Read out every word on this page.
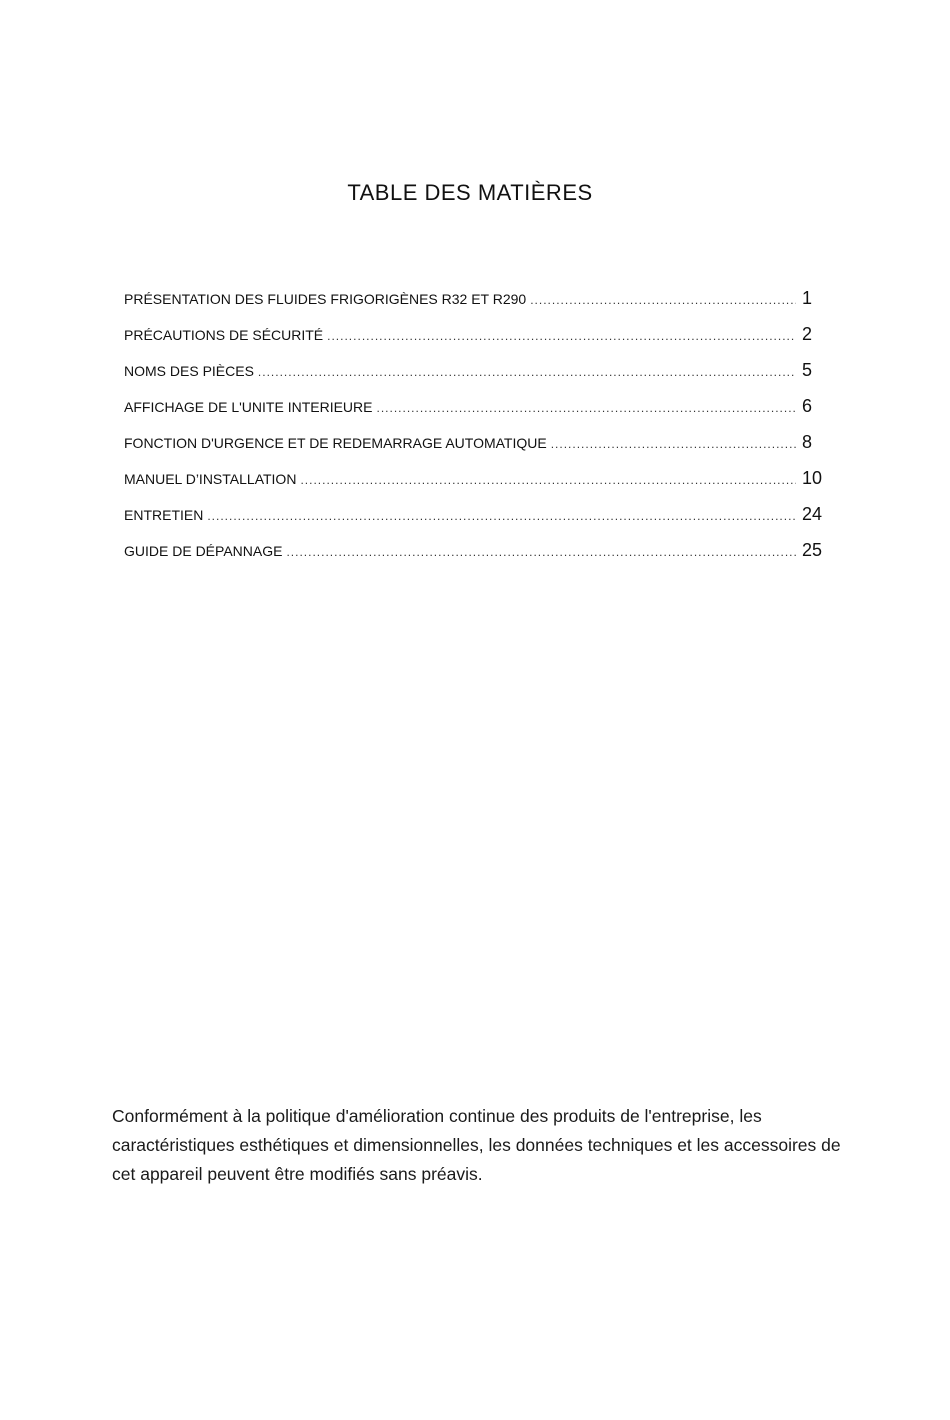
TABLE DES MATIÈRES
PRÉSENTATION DES FLUIDES FRIGORIGÈNES R32 ET R290 .....	1
PRÉCAUTIONS DE SÉCURITÉ .....	2
NOMS DES PIÈCES .....	5
AFFICHAGE DE L'UNITE INTERIEURE .....	6
FONCTION D'URGENCE ET DE REDEMARRAGE AUTOMATIQUE .....	8
MANUEL D’INSTALLATION .....	10
ENTRETIEN .....	24
GUIDE DE DÉPANNAGE .....	25

Conformément à la politique d'amélioration continue des produits de l'entreprise, les caractéristiques esthétiques et dimensionnelles, les données techniques et les accessoires de cet appareil peuvent être modifiés sans préavis.
